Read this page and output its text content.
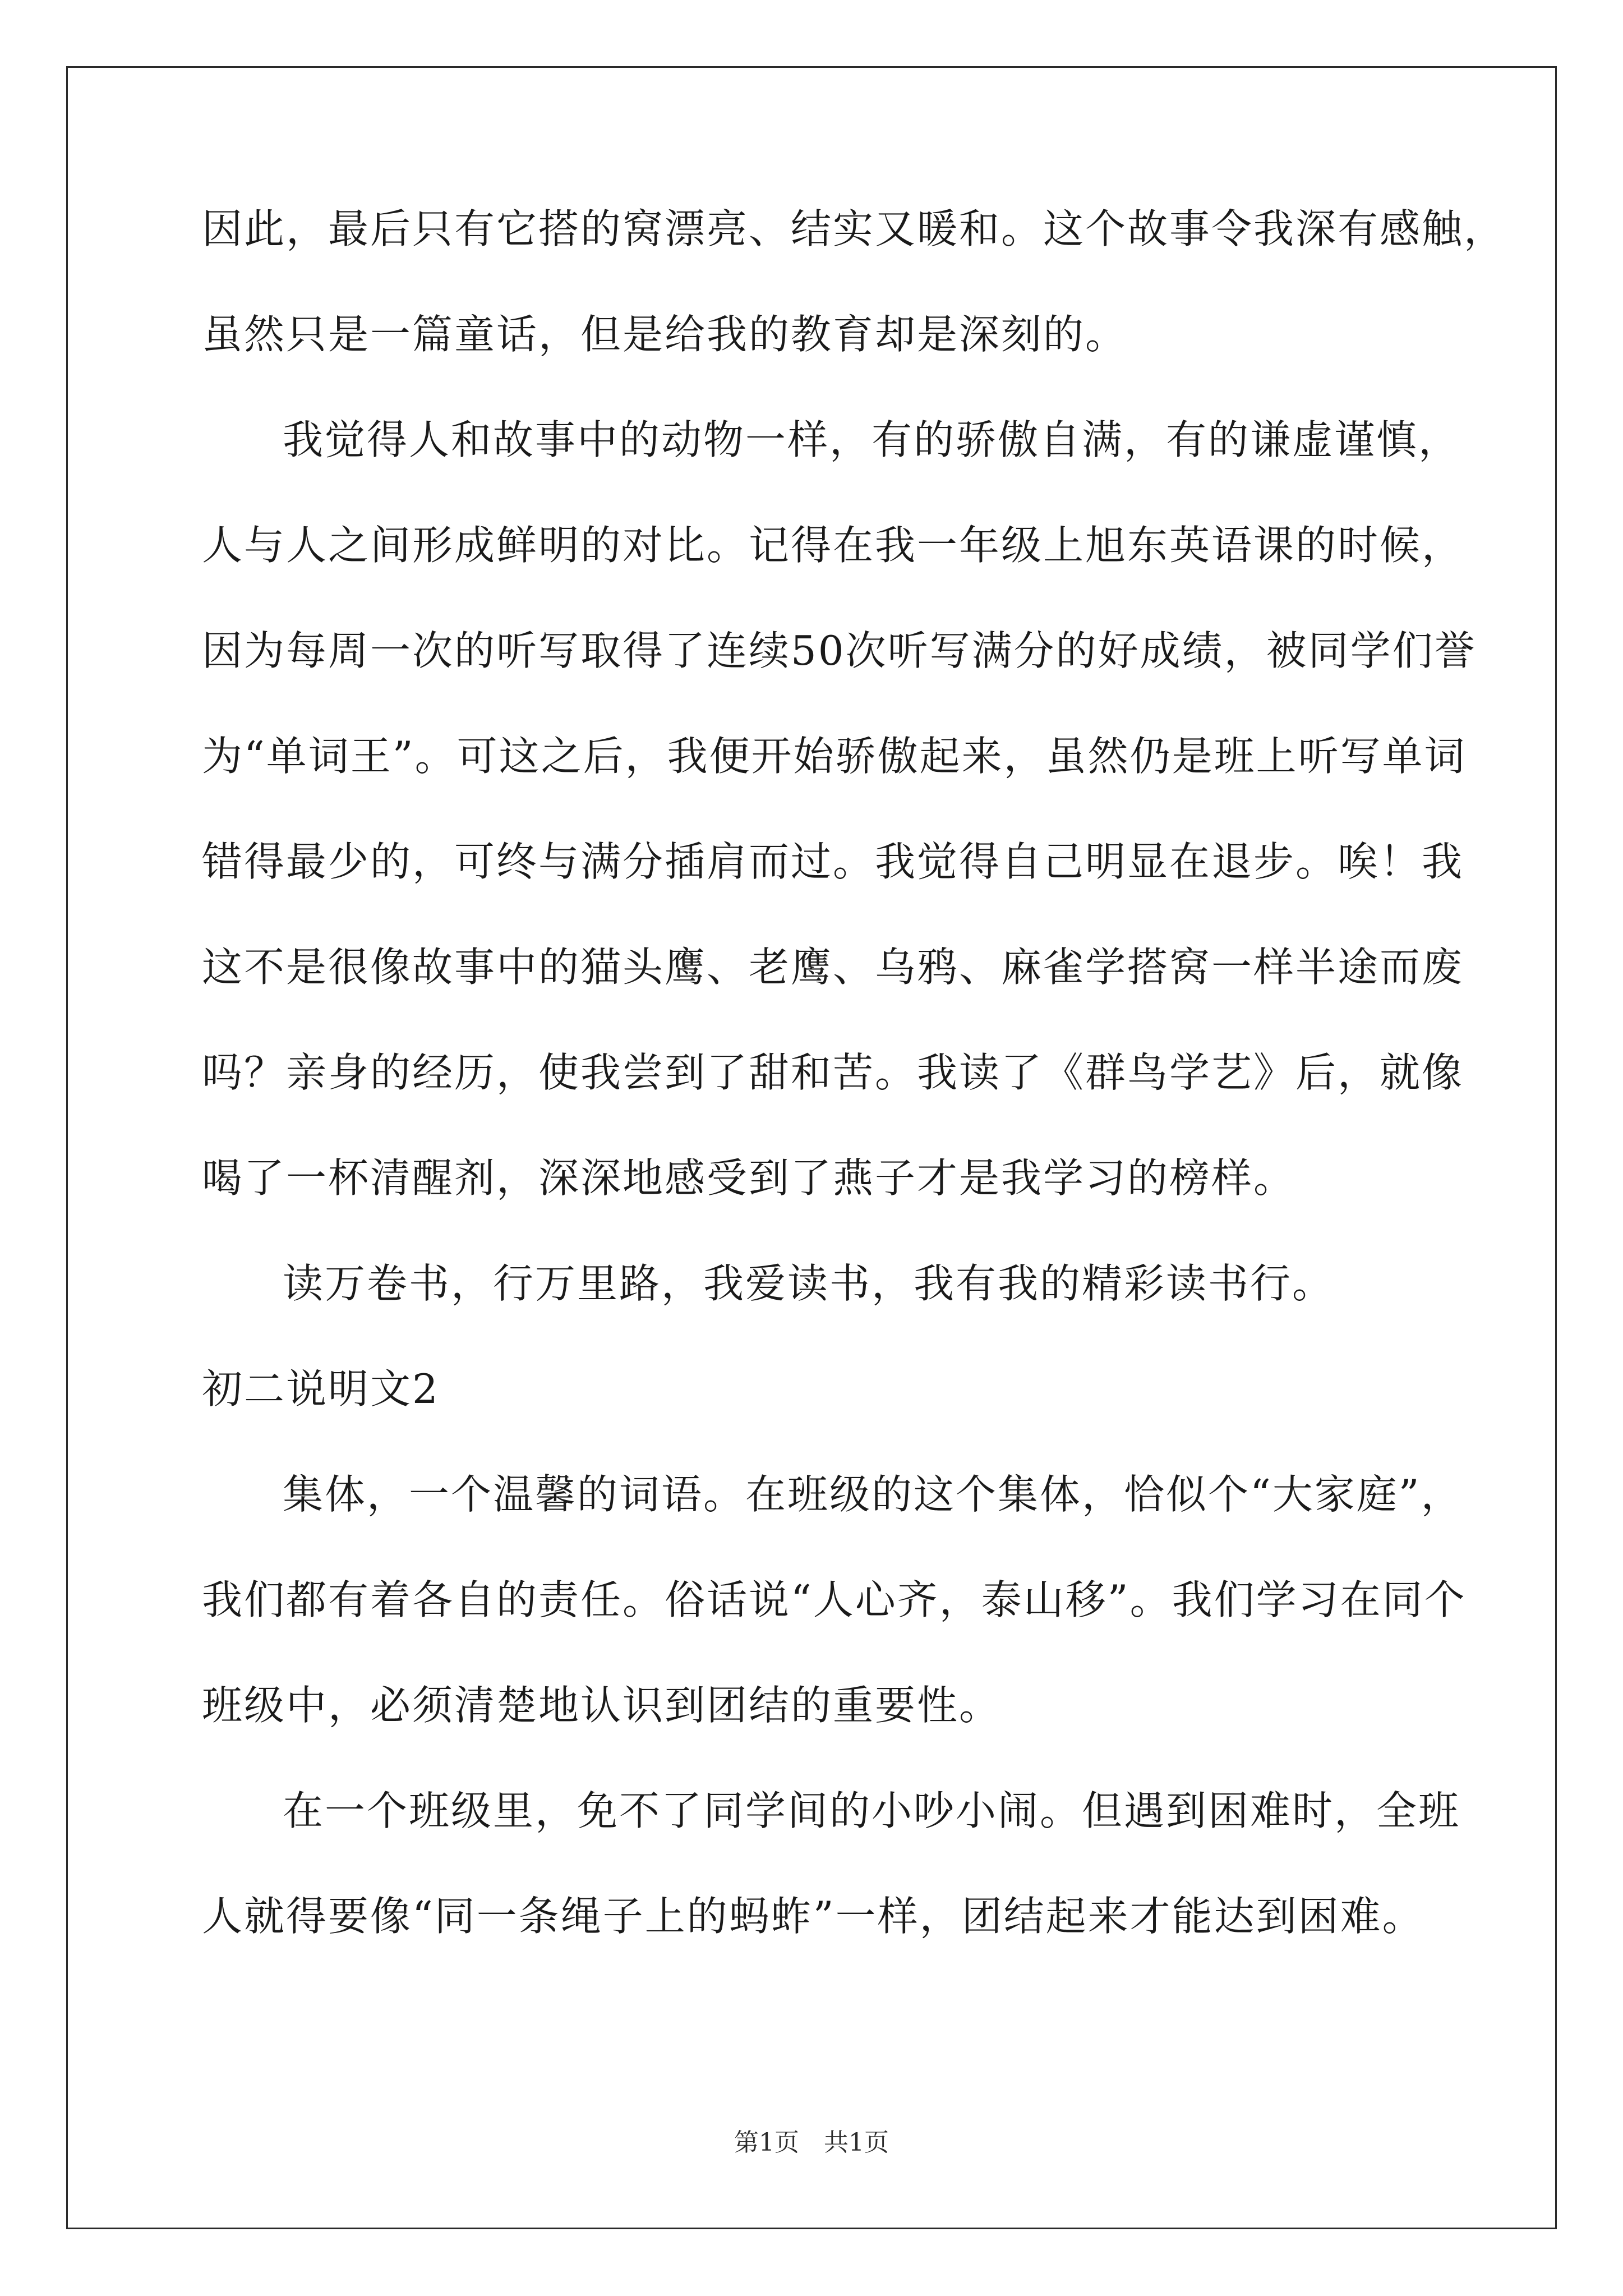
因此，最后只有它搭的窝漂亮、结实又暖和。这个故事令我深有感触，
虽然只是一篇童话，但是给我的教育却是深刻的。
我觉得人和故事中的动物一样，有的骄傲自满，有的谦虚谨慎，
人与人之间形成鲜明的对比。记得在我一年级上旭东英语课的时候，
因为每周一次的听写取得了连续50次听写满分的好成绩，被同学们誉
为“单词王”。可这之后，我便开始骄傲起来，虽然仍是班上听写单词
错得最少的，可终与满分插肩而过。我觉得自己明显在退步。唉！我
这不是很像故事中的猫头鹰、老鹰、乌鸦、麻雀学搭窝一样半途而废
吗？亲身的经历，使我尝到了甜和苦。我读了《群鸟学艺》后，就像
喝了一杯清醒剂，深深地感受到了燕子才是我学习的榜样。
读万卷书，行万里路，我爱读书，我有我的精彩读书行。
初二说明文2
集体，一个温馨的词语。在班级的这个集体，恰似个“大家庭”，
我们都有着各自的责任。俗话说“人心齐，泰山移”。我们学习在同个
班级中，必须清楚地认识到团结的重要性。
在一个班级里，免不了同学间的小吵小闹。但遇到困难时，全班
人就得要像“同一条绳子上的蚂蚱”一样，团结起来才能达到困难。
第1页　共1页
